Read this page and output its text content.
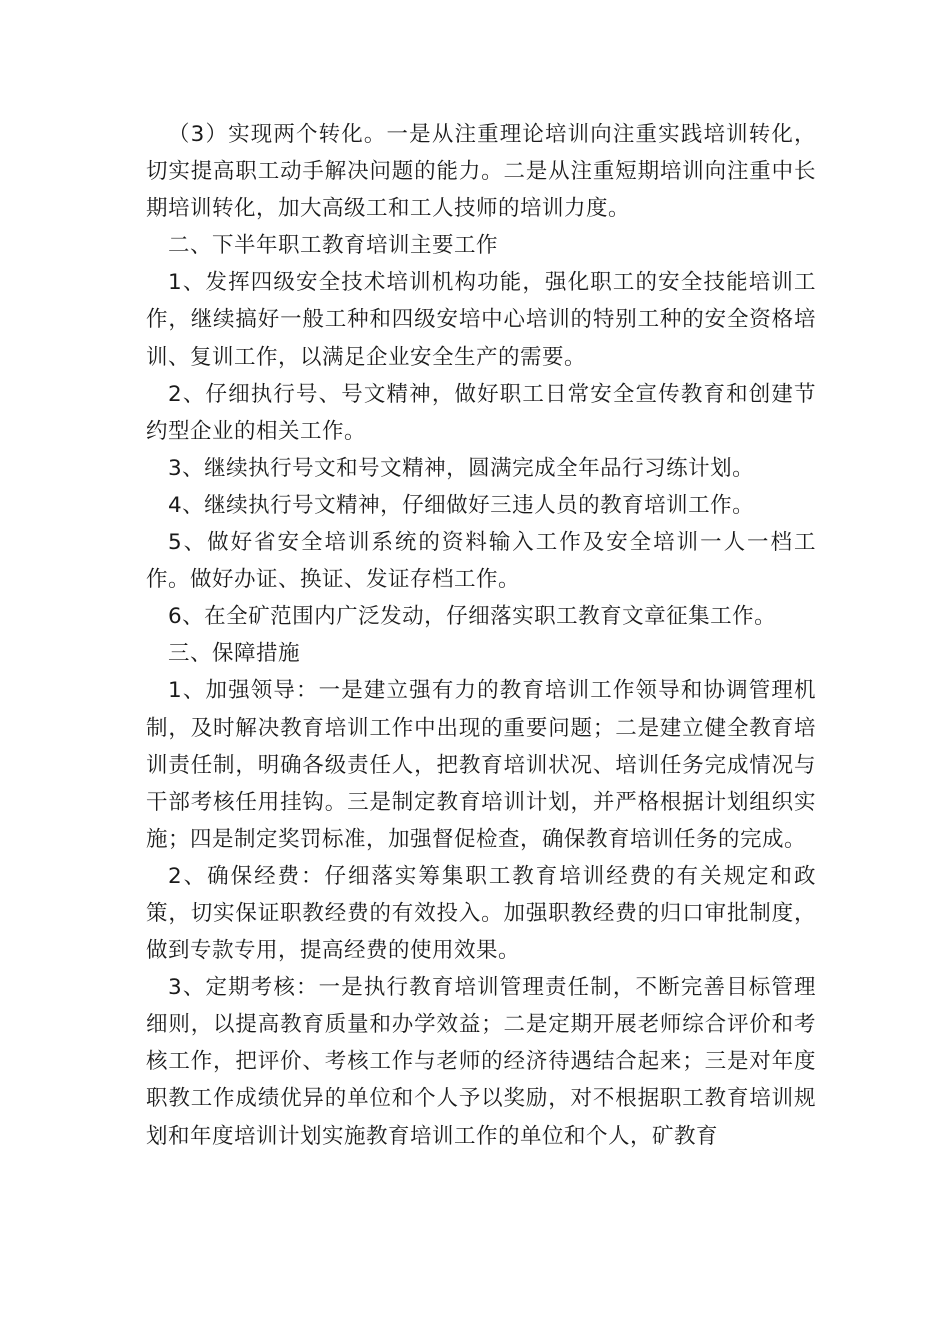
（3）实现两个转化。一是从注重理论培训向注重实践培训转化，切实提高职工动手解决问题的能力。二是从注重短期培训向注重中长期培训转化，加大高级工和工人技师的培训力度。

二、下半年职工教育培训主要工作

1、发挥四级安全技术培训机构功能，强化职工的安全技能培训工作，继续搞好一般工种和四级安培中心培训的特别工种的安全资格培训、复训工作，以满足企业安全生产的需要。

2、仔细执行号、号文精神，做好职工日常安全宣传教育和创建节约型企业的相关工作。

3、继续执行号文和号文精神，圆满完成全年品行习练计划。

4、继续执行号文精神，仔细做好三违人员的教育培训工作。

5、做好省安全培训系统的资料输入工作及安全培训一人一档工作。做好办证、换证、发证存档工作。

6、在全矿范围内广泛发动，仔细落实职工教育文章征集工作。

三、保障措施

1、加强领导：一是建立强有力的教育培训工作领导和协调管理机制，及时解决教育培训工作中出现的重要问题；二是建立健全教育培训责任制，明确各级责任人，把教育培训状况、培训任务完成情况与干部考核任用挂钩。三是制定教育培训计划，并严格根据计划组织实施；四是制定奖罚标准，加强督促检查，确保教育培训任务的完成。

2、确保经费：仔细落实筹集职工教育培训经费的有关规定和政策，切实保证职教经费的有效投入。加强职教经费的归口审批制度，做到专款专用，提高经费的使用效果。

3、定期考核：一是执行教育培训管理责任制，不断完善目标管理细则，以提高教育质量和办学效益；二是定期开展老师综合评价和考核工作，把评价、考核工作与老师的经济待遇结合起来；三是对年度职教工作成绩优异的单位和个人予以奖励，对不根据职工教育培训规划和年度培训计划实施教育培训工作的单位和个人，矿教育
